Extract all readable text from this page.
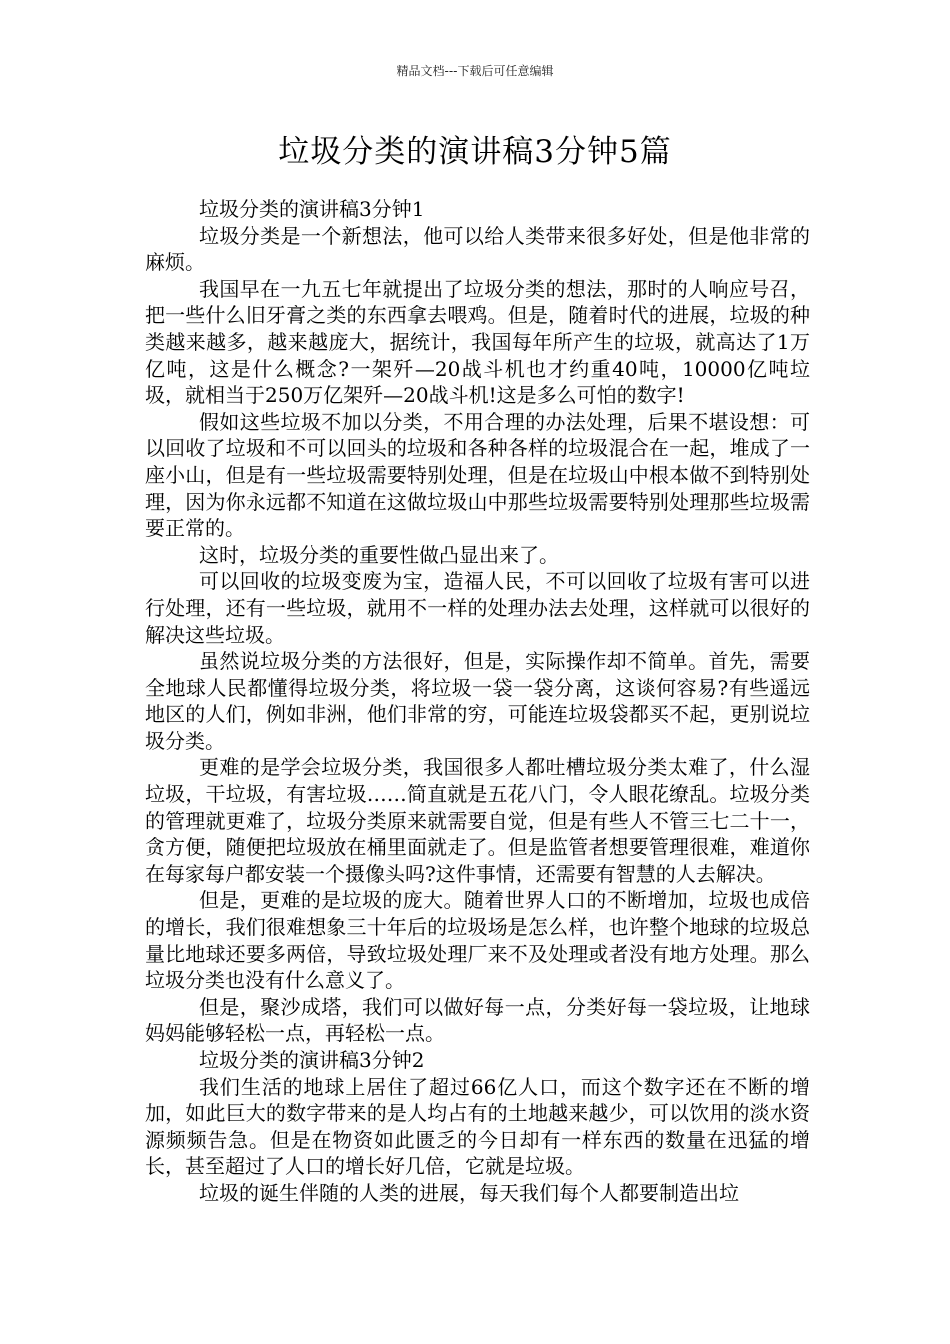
精品文档---下载后可任意编辑
垃圾分类的演讲稿3分钟5篇

垃圾分类的演讲稿3分钟1

垃圾分类是一个新想法，他可以给人类带来很多好处，但是他非常的麻烦。

我国早在一九五七年就提出了垃圾分类的想法，那时的人响应号召，把一些什么旧牙膏之类的东西拿去喂鸡。但是，随着时代的进展，垃圾的种类越来越多，越来越庞大，据统计，我国每年所产生的垃圾，就高达了1万亿吨，这是什么概念?一架歼—20战斗机也才约重40吨，10000亿吨垃圾，就相当于250万亿架歼—20战斗机!这是多么可怕的数字!

假如这些垃圾不加以分类，不用合理的办法处理，后果不堪设想：可以回收了垃圾和不可以回头的垃圾和各种各样的垃圾混合在一起，堆成了一座小山，但是有一些垃圾需要特别处理，但是在垃圾山中根本做不到特别处理，因为你永远都不知道在这做垃圾山中那些垃圾需要特别处理那些垃圾需要正常的。

这时，垃圾分类的重要性做凸显出来了。

可以回收的垃圾变废为宝，造福人民，不可以回收了垃圾有害可以进行处理，还有一些垃圾，就用不一样的处理办法去处理，这样就可以很好的解决这些垃圾。

虽然说垃圾分类的方法很好，但是，实际操作却不简单。首先，需要全地球人民都懂得垃圾分类，将垃圾一袋一袋分离，这谈何容易?有些遥远地区的人们，例如非洲，他们非常的穷，可能连垃圾袋都买不起，更别说垃圾分类。

更难的是学会垃圾分类，我国很多人都吐槽垃圾分类太难了，什么湿垃圾，干垃圾，有害垃圾……简直就是五花八门，令人眼花缭乱。垃圾分类的管理就更难了，垃圾分类原来就需要自觉，但是有些人不管三七二十一，贪方便，随便把垃圾放在桶里面就走了。但是监管者想要管理很难，难道你在每家每户都安装一个摄像头吗?这件事情，还需要有智慧的人去解决。

但是，更难的是垃圾的庞大。随着世界人口的不断增加，垃圾也成倍的增长，我们很难想象三十年后的垃圾场是怎么样，也许整个地球的垃圾总量比地球还要多两倍，导致垃圾处理厂来不及处理或者没有地方处理。那么垃圾分类也没有什么意义了。

但是，聚沙成塔，我们可以做好每一点，分类好每一袋垃圾，让地球妈妈能够轻松一点，再轻松一点。

垃圾分类的演讲稿3分钟2

我们生活的地球上居住了超过66亿人口，而这个数字还在不断的增加，如此巨大的数字带来的是人均占有的土地越来越少，可以饮用的淡水资源频频告急。但是在物资如此匮乏的今日却有一样东西的数量在迅猛的增长，甚至超过了人口的增长好几倍，它就是垃圾。

垃圾的诞生伴随的人类的进展，每天我们每个人都要制造出垃
